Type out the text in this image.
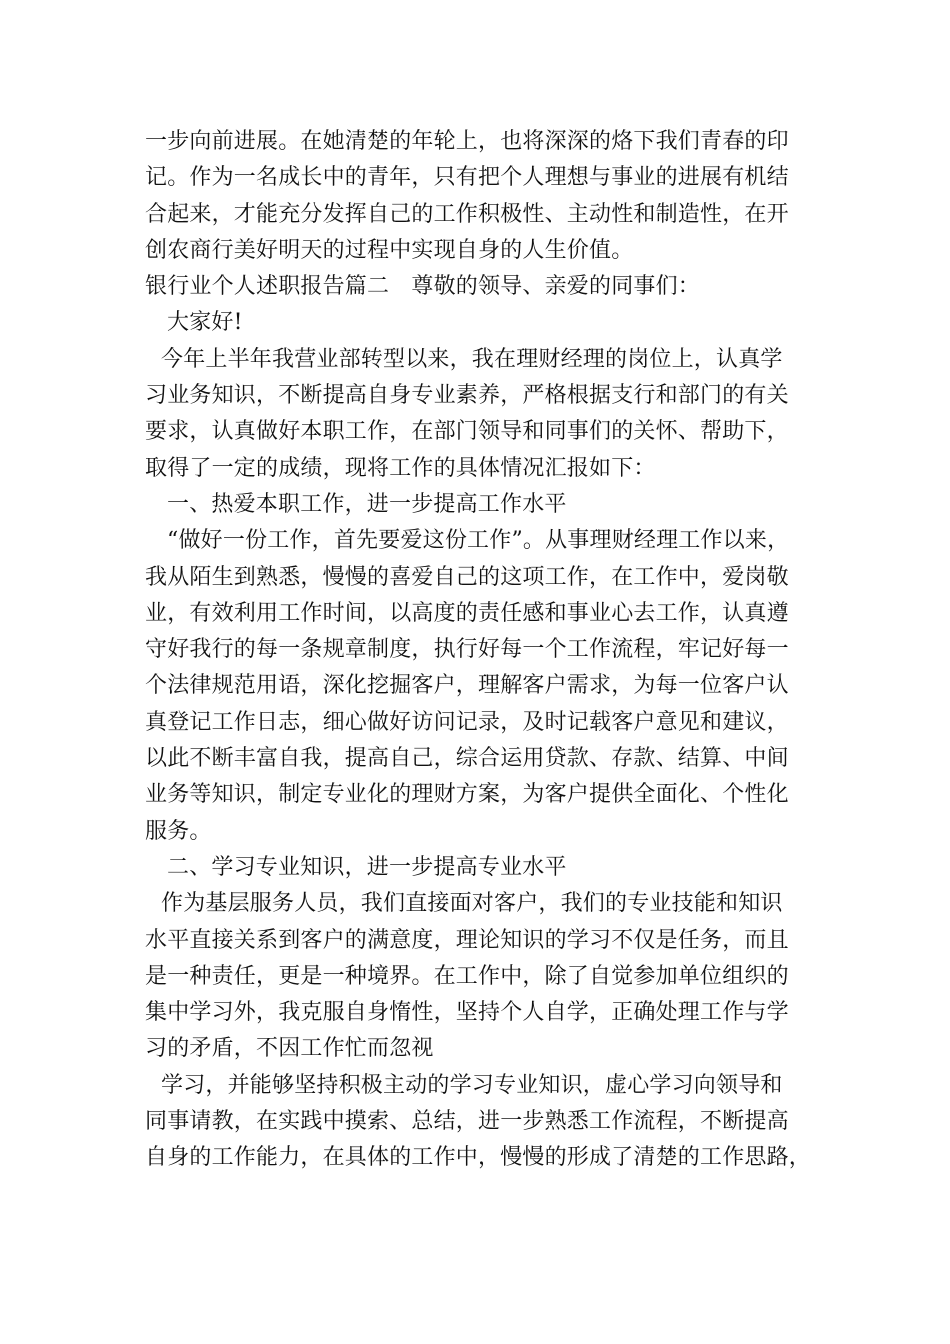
一步向前进展。在她清楚的年轮上，也将深深的烙下我们青春的印
记。作为一名成长中的青年，只有把个人理想与事业的进展有机结
合起来，才能充分发挥自己的工作积极性、主动性和制造性，在开
创农商行美好明天的过程中实现自身的人生价值。
银行业个人述职报告篇二　尊敬的领导、亲爱的同事们：
大家好!
今年上半年我营业部转型以来，我在理财经理的岗位上，认真学
习业务知识，不断提高自身专业素养，严格根据支行和部门的有关
要求，认真做好本职工作，在部门领导和同事们的关怀、帮助下，
取得了一定的成绩，现将工作的具体情况汇报如下：
一、热爱本职工作，进一步提高工作水平
“做好一份工作，首先要爱这份工作”。从事理财经理工作以来，
我从陌生到熟悉，慢慢的喜爱自己的这项工作，在工作中，爱岗敬
业，有效利用工作时间，以高度的责任感和事业心去工作，认真遵
守好我行的每一条规章制度，执行好每一个工作流程，牢记好每一
个法律规范用语，深化挖掘客户，理解客户需求，为每一位客户认
真登记工作日志，细心做好访问记录，及时记载客户意见和建议，
以此不断丰富自我，提高自己，综合运用贷款、存款、结算、中间
业务等知识，制定专业化的理财方案，为客户提供全面化、个性化
服务。
二、学习专业知识，进一步提高专业水平
作为基层服务人员，我们直接面对客户，我们的专业技能和知识
水平直接关系到客户的满意度，理论知识的学习不仅是任务，而且
是一种责任，更是一种境界。在工作中，除了自觉参加单位组织的
集中学习外，我克服自身惰性，坚持个人自学，正确处理工作与学
习的矛盾，不因工作忙而忽视
学习，并能够坚持积极主动的学习专业知识，虚心学习向领导和
同事请教，在实践中摸索、总结，进一步熟悉工作流程，不断提高
自身的工作能力，在具体的工作中，慢慢的形成了清楚的工作思路，
